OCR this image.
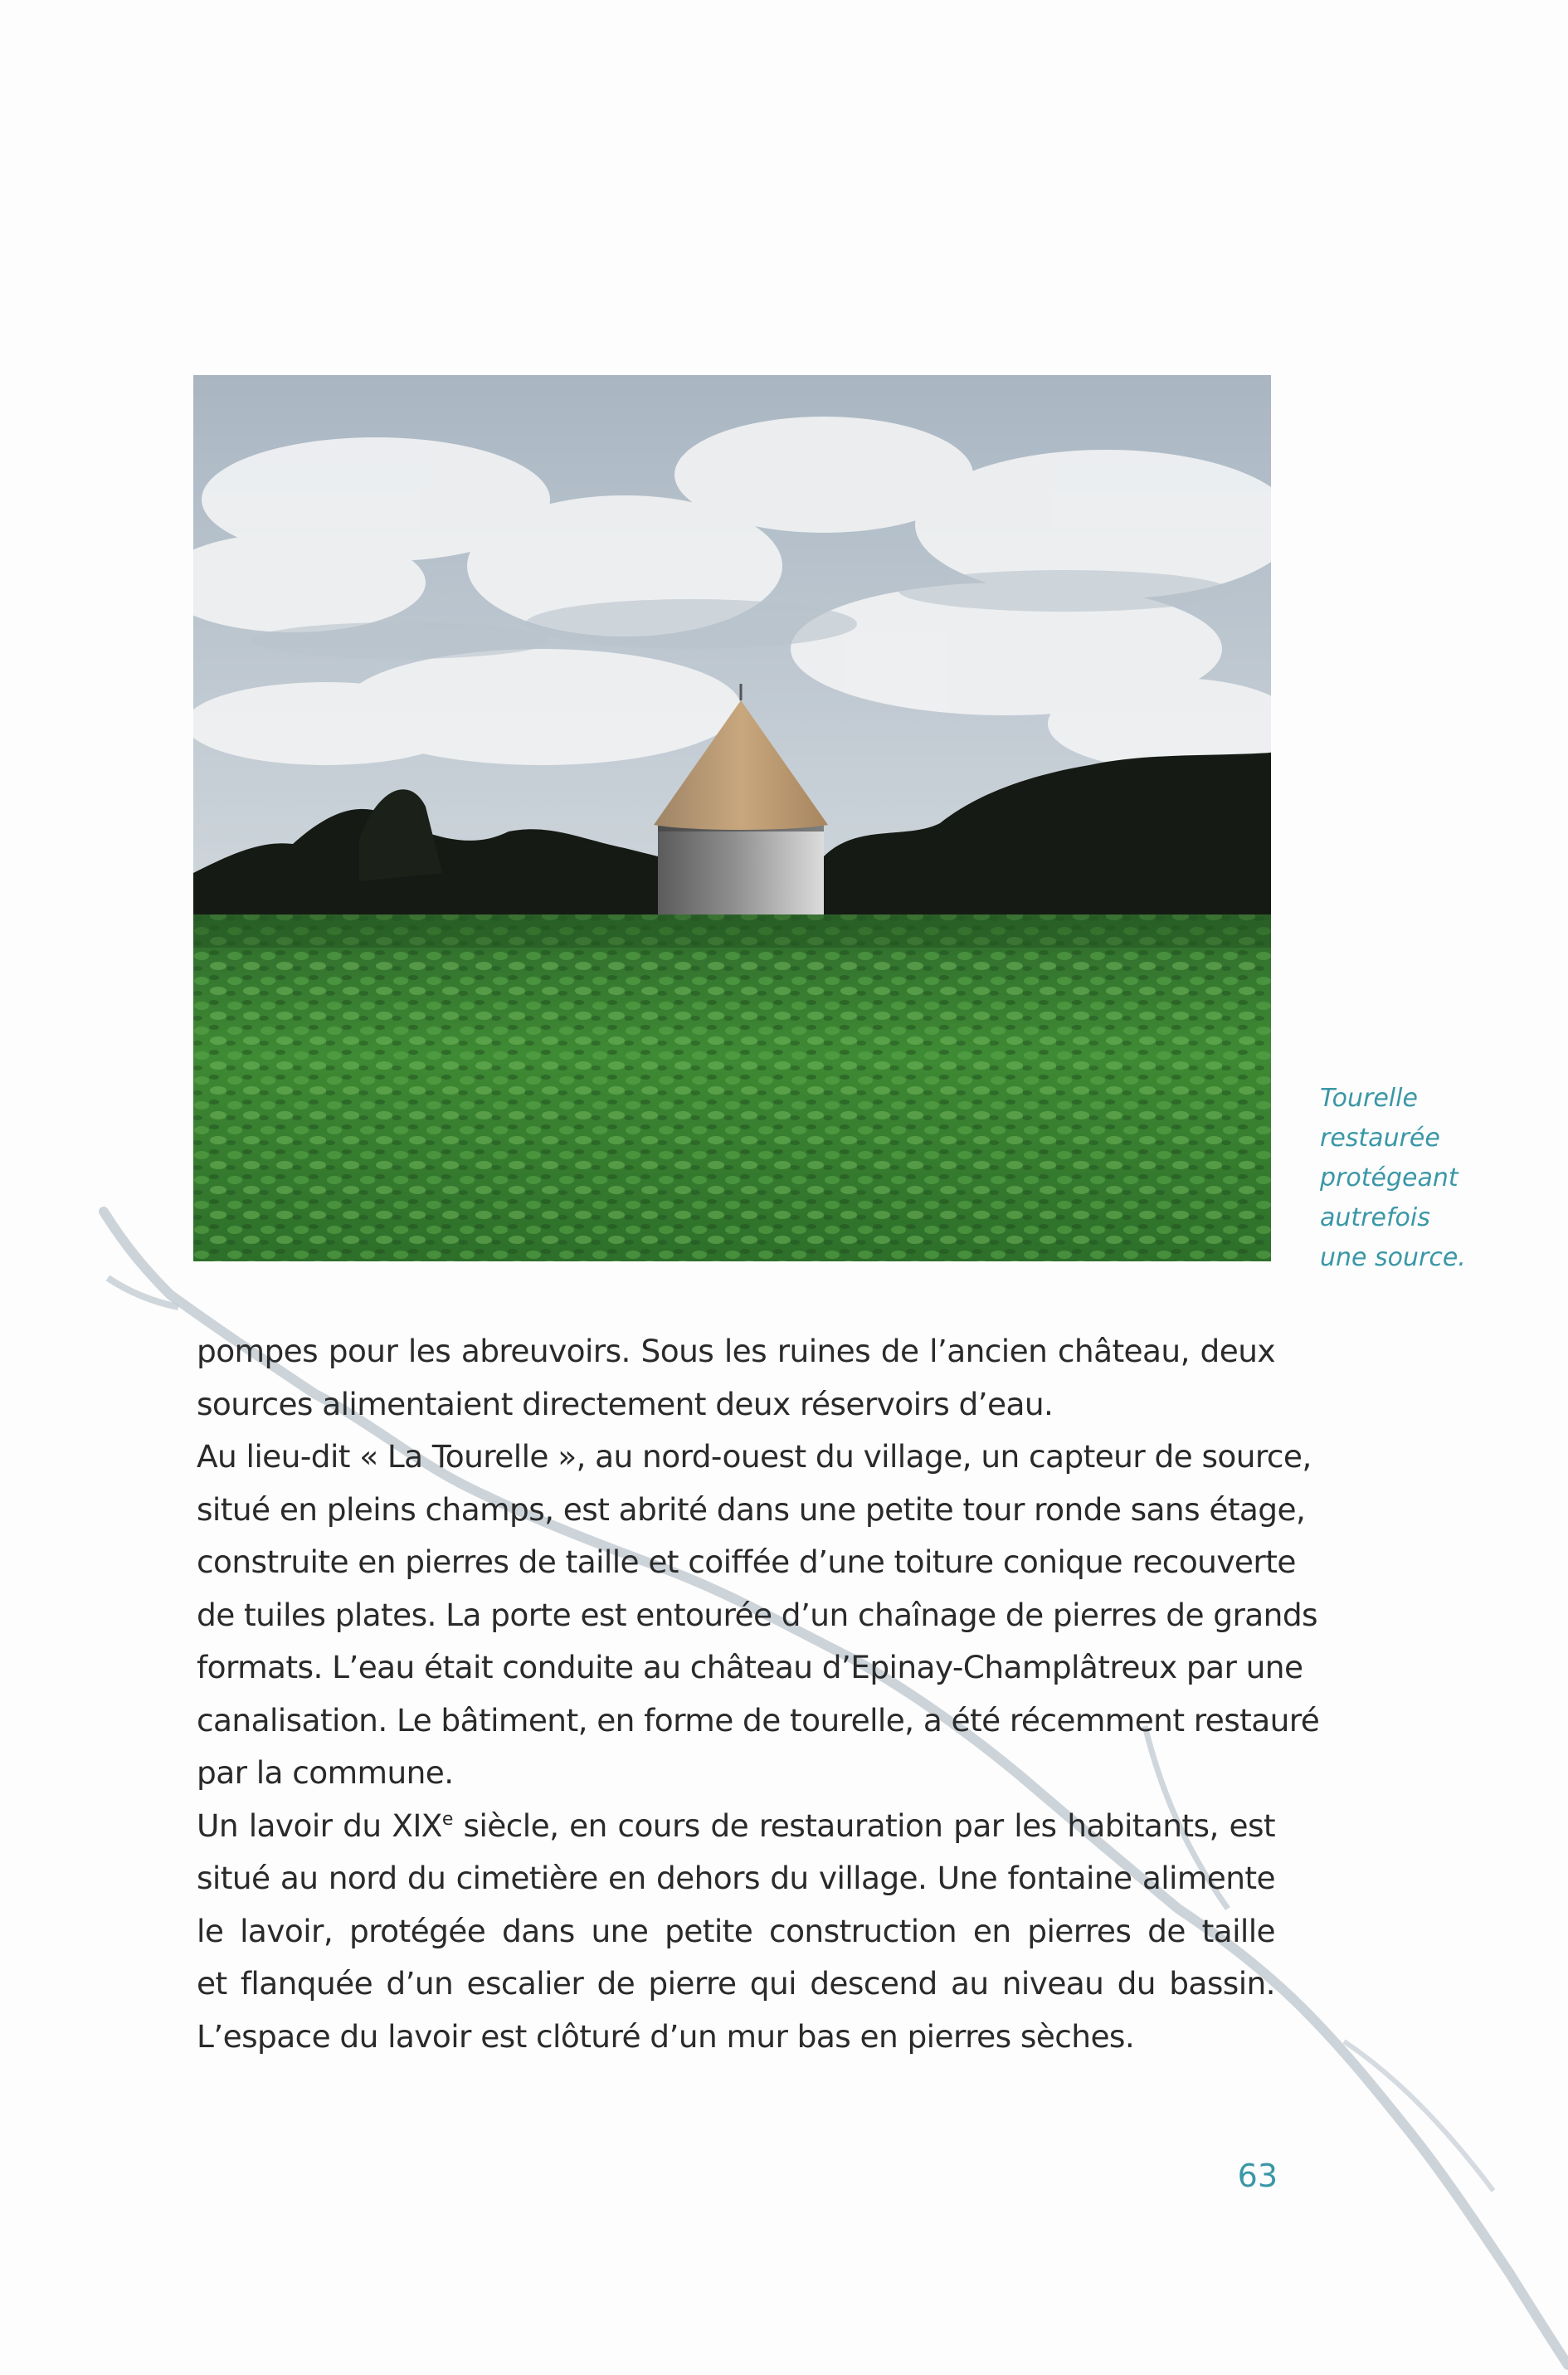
Tourelle
restaurée
protégeant
autrefois
une source.
pompes pour les abreuvoirs. Sous les ruines de l’ancien château, deux
sources alimentaient directement deux réservoirs d’eau.
Au lieu-dit « La Tourelle », au nord-ouest du village, un capteur de source,
situé en pleins champs, est abrité dans une petite tour ronde sans étage,
construite en pierres de taille et coiffée d’une toiture conique recouverte
de tuiles plates. La porte est entourée d’un chaînage de pierres de grands
formats. L’eau était conduite au château d’Epinay-Champlâtreux par une
canalisation. Le bâtiment, en forme de tourelle, a été récemment restauré
par la commune.
Un lavoir du XIXe siècle, en cours de restauration par les habitants, est
situé au nord du cimetière en dehors du village. Une fontaine alimente
le lavoir, protégée dans une petite construction en pierres de taille
et flanquée d’un escalier de pierre qui descend au niveau du bassin.
L’espace du lavoir est clôturé d’un mur bas en pierres sèches.
63
